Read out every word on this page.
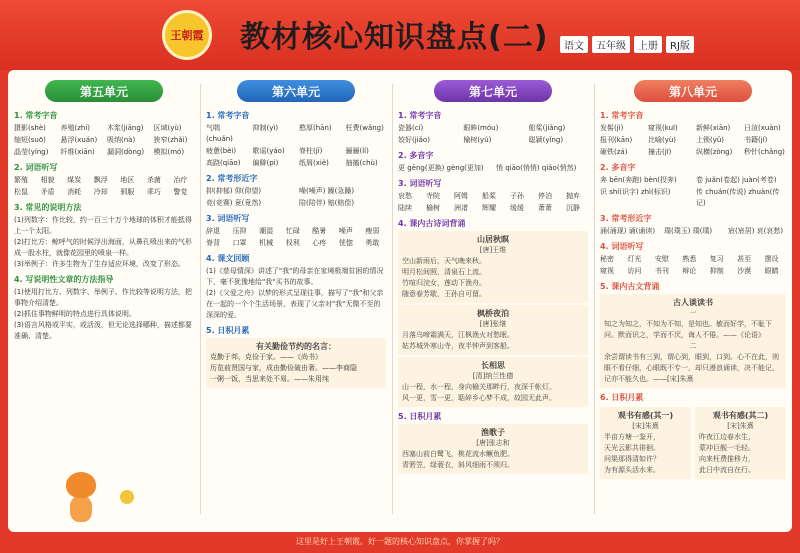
王朝霞 教材核心知识盘点(二)	语文	五年级	上册	RJ版
第五单元
1. 常考字音
摄影(shè)	养殖(zhí)	木浆(jiāng)	区域(yù)
缩短(suō)	悬浮(xuán)	吸纳(nà)	狭窄(zhǎi)
晶莹(yíng)	纤维(xiān)	漏洞(dòng)	模拟(mó)
2. 词语听写
繁殖	相貌	煤炭	飘浮	地区	杀菌	治疗
松鼠	矛盾	消耗	冷却	驯服	乖巧	警觉
3. 常见的说明方法
(1)列数字：作比较，约一百三十万个地球的体积才能抵得上一个太阳。
(2)打比方：鲸呼气的时候浮出海面，从鼻孔喷出来的气形成一股水柱，就像花园里的喷泉一样。
(3)举例子：许多生物为了生存适应环境，改变了形态。
4. 写说明性文章的方法指导
(1)使用打比方、列数字、举例子、作比较等说明方法，把事物介绍清楚。
(2)抓住事物鲜明的特点进行具体说明。
(3)语言风格或平实，或活泼，但无论选择哪种，描述都要准确、清楚。
第六单元
1. 常考字音
气喘(chuǎn)
抑制(yì)	憨厚(hān)	枉费(wǎng)
疲惫(bèi)	歌谣(yáo)	脊柱(jǐ)	骊骊(lí)
高跷(qiāo)	偏僻(pì)	纸屑(xiè)	抽搐(chù)
2. 常考形近字
抑(抑郁) 仰(仰望)	噪(噪声) 躁(急躁)
竞(竞赛) 竟(竟然)	陪(陪伴) 赔(赔偿)
3. 词语听写
辞退	压抑	潮湿	忙碌	酷暑	噪声	瘦弱
脊背	口罩	机械	权利	心疼	恍惚	勇敢
4. 课文回顾
(1)《慈母情深》讲述了"我"的母亲在家境极端贫困的情况下，毫不犹豫地给"我"买书的故事。
(2)《父爱之舟》以梦的形式呈现往事，描写了"我"和父亲在一起的一个个生活场景，表现了父亲对"我"无微不至的深深的爱。
5. 日积月累
有关勤俭节约的名言：
克勤于邦，克俭于家。——《尚书》
历览前贤国与家，成由勤俭破由奢。——李商隐
一粥一饭，当思来处不易。——朱用纯
第七单元
1. 常考字音
瓷器(cí)	眼眸(móu)	船桨(jiǎng)
姣好(jiǎo)	榆树(yú)	聪颖(yǐng)
2. 多音字
更 gēng(更换) gèng(更加)	悄 qiāo(悄悄) qiǎo(悄然)
3. 词语听写
哀愁	寺院	阿姆	船桨	子孙	停泊	抛弃
陆续	榆树	洲渚	辉耀	缓缓	萧萧	沉静
4. 课内古诗词背诵
山居秋暝
[唐]王维
空山新雨后，天气晚来秋。
明月松间照，清泉石上流。
竹喧归浣女，莲动下渔舟。
随意春芳歇，王孙自可留。
枫桥夜泊
[唐]张继
月落乌啼霜满天，江枫渔火对愁眠。
姑苏城外寒山寺，夜半钟声到客船。
长相思
[清]纳兰性德
山一程，水一程，身向榆关那畔行，夜深千帐灯。
风一更，雪一更，聒碎乡心梦不成，故园无此声。
5. 日积月累
渔歌子
[唐]张志和
西塞山前白鹭飞，桃花流水鳜鱼肥。
青箬笠，绿蓑衣，斜风细雨不须归。
第八单元
1. 常考字音
发髻(jì)	窥视(kuī)	新鲜(xiān)	日渲(xuàn)
报刊(kān)	比喻(yù)	上锁(yǔ)	书籍(jí)
砸铁(zá)	撞击(jī)	纵横(zòng)	秒针(chǎng)
2. 多音字
奔 bēn(奔跑) bèn(投奔)	卷 juǎn(卷起) juàn(考卷)
识 shí(识字) zhì(标识)	传 chuán(传说) zhuàn(传记)
3. 常考形近字
涌(涌现) 诵(诵读)	璞(璞玉) 璞(璞)	宸(宸居) 哀(哀愁)
4. 词语听写
秘密	灯光	安慰	熟悉	复习	甚至	摆设
窥视	访问	书刊	辩论	抑制	沙漠	眼睛
5. 课内古文背诵
古人谈读书
一
知之为知之，不知为不知，是知也。敏而好学，不耻下问。默而识之，学而不厌，诲人不倦。——《论语》
二
余尝谓读书有三到，谓心到，眼到，口到。心不在此，则眼不看仔细，心眼既不专一，却只漫浪诵读，决不能记，记亦不能久也。——[宋]朱熹
6. 日积月累
观书有感(其一)
[宋]朱熹
半亩方塘一鉴开，
天光云影共徘徊。
问渠那得清如许？
为有源头活水来。
观书有感(其二)
[宋]朱熹
昨夜江边春水生，
蒙冲巨舰一毛轻。
向来枉费推移力，
此日中流自在行。
这里是好上王朝霞。好一题的核心知识盘点，你掌握了吗？
